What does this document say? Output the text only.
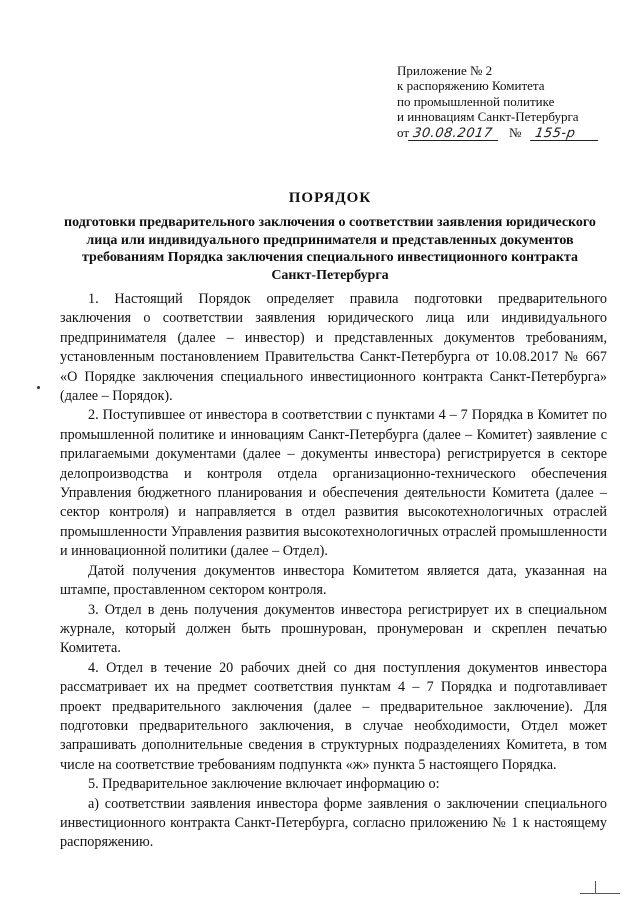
Приложение № 2
к распоряжению Комитета
по промышленной политике
и инновациям Санкт-Петербурга
от 30.08.2017	№	155-р
ПОРЯДОК
подготовки предварительного заключения о соответствии заявления юридического лица или индивидуального предпринимателя и представленных документов требованиям Порядка заключения специального инвестиционного контракта Санкт-Петербурга

1. Настоящий Порядок определяет правила подготовки предварительного заключения о соответствии заявления юридического лица или индивидуального предпринимателя (далее – инвестор) и представленных документов требованиям, установленным постановлением Правительства Санкт-Петербурга от 10.08.2017 № 667 «О Порядке заключения специального инвестиционного контракта Санкт-Петербурга» (далее – Порядок).

2. Поступившее от инвестора в соответствии с пунктами 4 – 7 Порядка в Комитет по промышленной политике и инновациям Санкт-Петербурга (далее – Комитет) заявление с прилагаемыми документами (далее – документы инвестора) регистрируется в секторе делопроизводства и контроля отдела организационно-технического обеспечения Управления бюджетного планирования и обеспечения деятельности Комитета (далее – сектор контроля) и направляется в отдел развития высокотехнологичных отраслей промышленности Управления развития высокотехнологичных отраслей промышленности и инновационной политики (далее – Отдел).

Датой получения документов инвестора Комитетом является дата, указанная на штампе, проставленном сектором контроля.

3. Отдел в день получения документов инвестора регистрирует их в специальном журнале, который должен быть прошнурован, пронумерован и скреплен печатью Комитета.

4. Отдел в течение 20 рабочих дней со дня поступления документов инвестора рассматривает их на предмет соответствия пунктам 4 – 7 Порядка и подготавливает проект предварительного заключения (далее – предварительное заключение). Для подготовки предварительного заключения, в случае необходимости, Отдел может запрашивать дополнительные сведения в структурных подразделениях Комитета, в том числе на соответствие требованиям подпункта «ж» пункта 5 настоящего Порядка.

5. Предварительное заключение включает информацию о:

а) соответствии заявления инвестора форме заявления о заключении специального инвестиционного контракта Санкт-Петербурга, согласно приложению № 1 к настоящему распоряжению.
